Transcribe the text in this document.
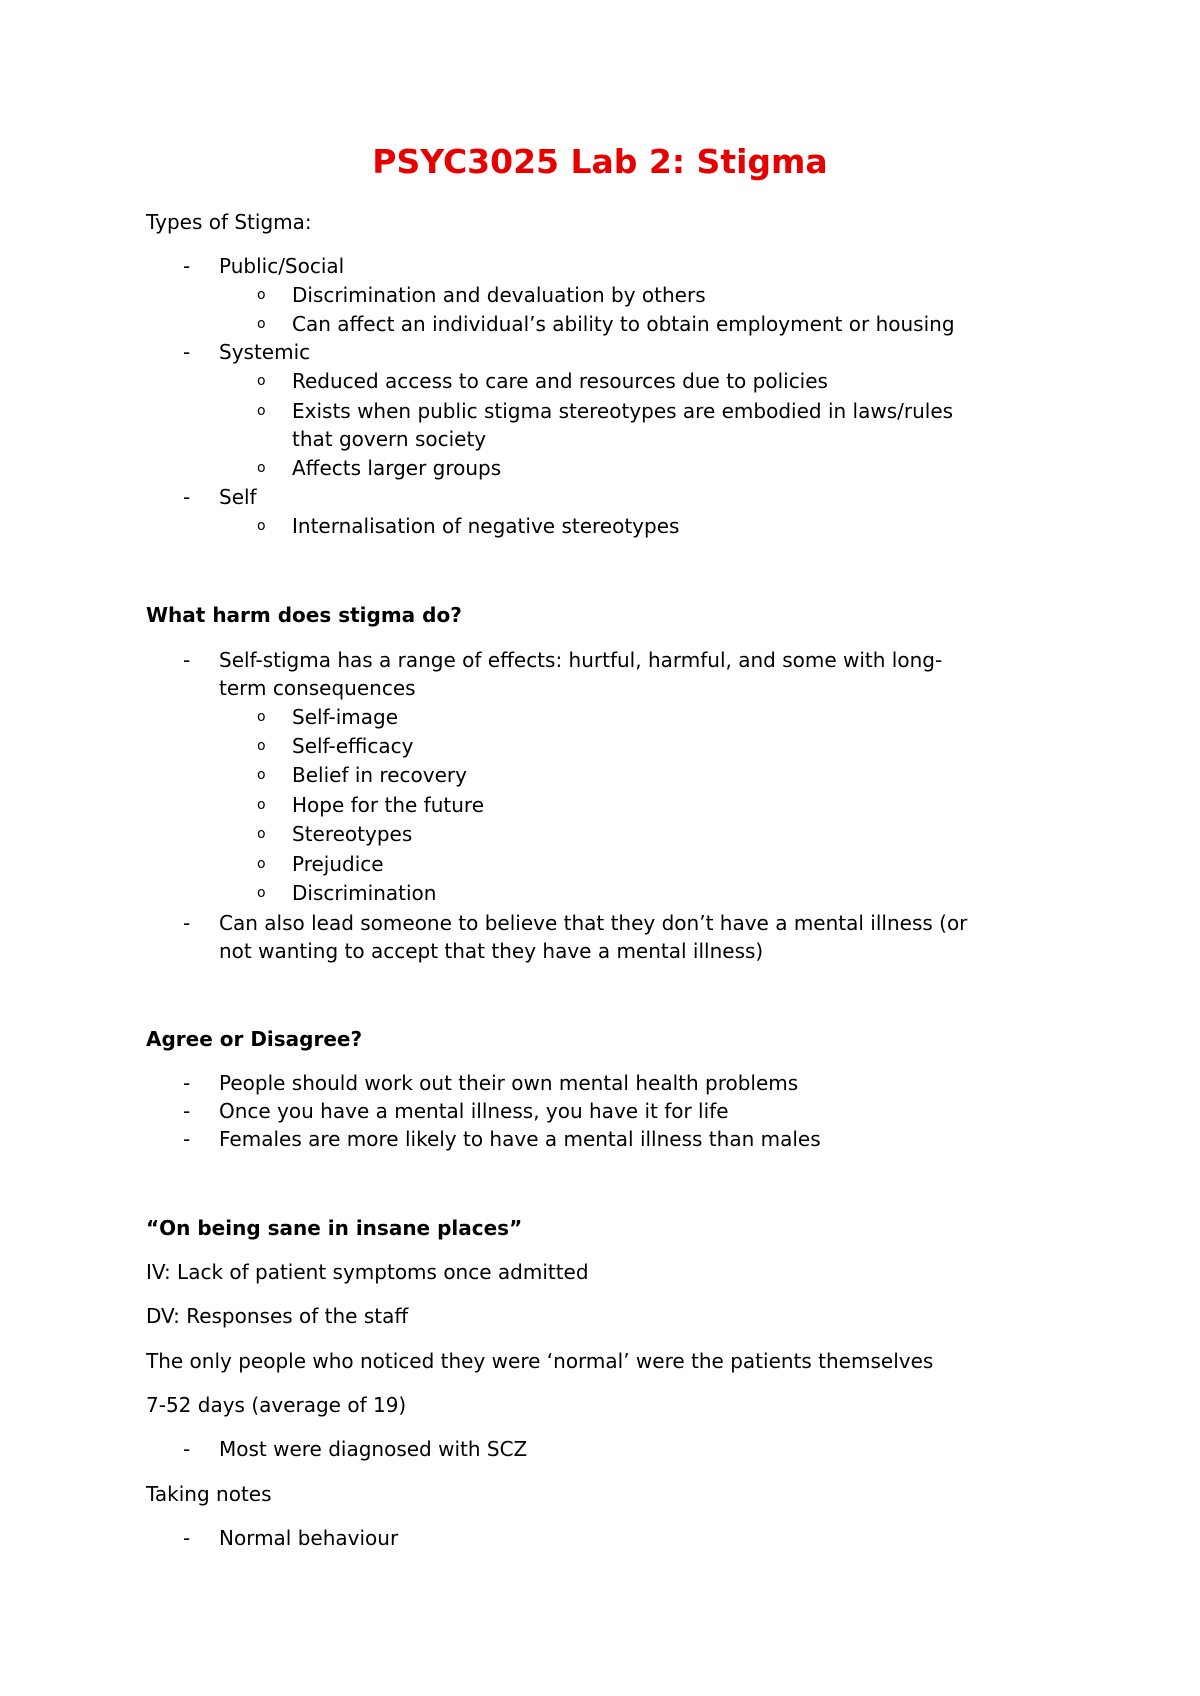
PSYC3025 Lab 2: Stigma
Types of Stigma:
- Public/Social
o Discrimination and devaluation by others
o Can affect an individual’s ability to obtain employment or housing
- Systemic
o Reduced access to care and resources due to policies
o Exists when public stigma stereotypes are embodied in laws/rules
that govern society
o Affects larger groups
- Self
o Internalisation of negative stereotypes
What harm does stigma do?
- Self-stigma has a range of effects: hurtful, harmful, and some with long-
term consequences
o Self-image
o Self-efficacy
o Belief in recovery
o Hope for the future
o Stereotypes
o Prejudice
o Discrimination
- Can also lead someone to believe that they don’t have a mental illness (or
not wanting to accept that they have a mental illness)
Agree or Disagree?
- People should work out their own mental health problems
- Once you have a mental illness, you have it for life
- Females are more likely to have a mental illness than males
“On being sane in insane places”
IV: Lack of patient symptoms once admitted
DV: Responses of the staff
The only people who noticed they were ‘normal’ were the patients themselves
7-52 days (average of 19)
- Most were diagnosed with SCZ
Taking notes
- Normal behaviour
